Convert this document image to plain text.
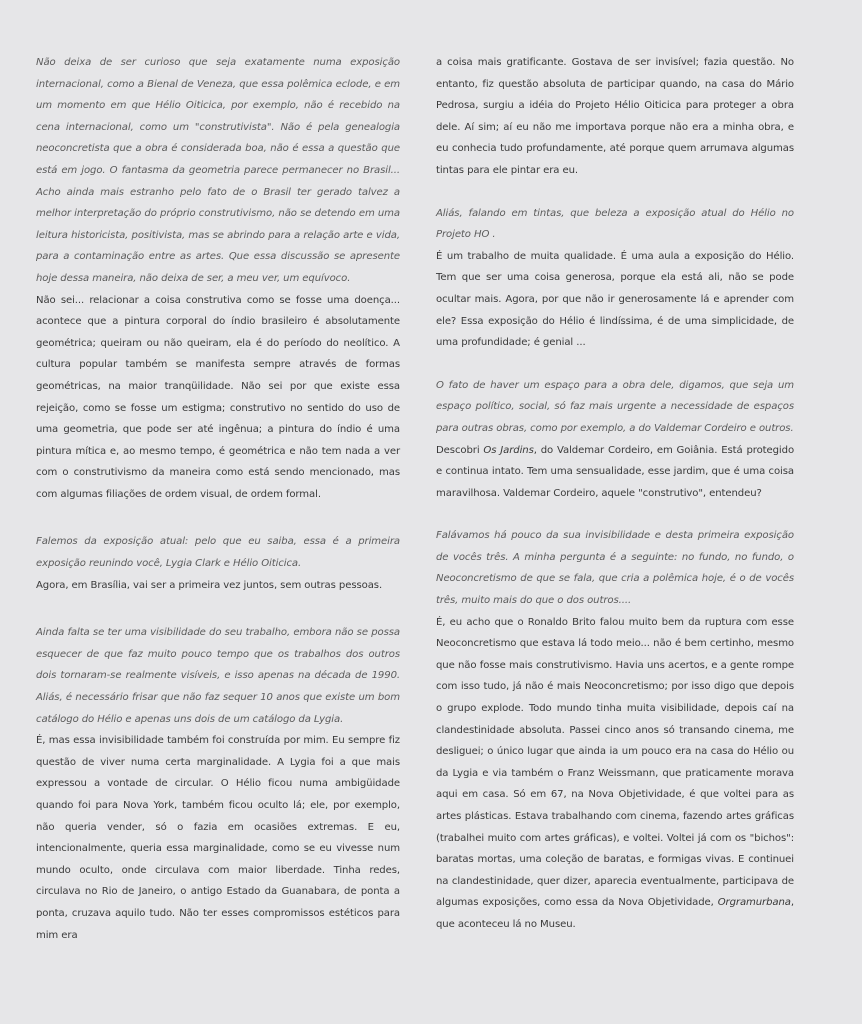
Não deixa de ser curioso que seja exatamente numa exposição internacional, como a Bienal de Veneza, que essa polêmica eclode, e em um momento em que Hélio Oiticica, por exemplo, não é recebido na cena internacional, como um "construtivista". Não é pela genealogia neoconcretista que a obra é considerada boa, não é essa a questão que está em jogo. O fantasma da geometria parece permanecer no Brasil... Acho ainda mais estranho pelo fato de o Brasil ter gerado talvez a melhor interpretação do próprio construtivismo, não se detendo em uma leitura historicista, positivista, mas se abrindo para a relação arte e vida, para a contaminação entre as artes. Que essa discussão se apresente hoje dessa maneira, não deixa de ser, a meu ver, um equívoco.

Não sei... relacionar a coisa construtiva como se fosse uma doença... acontece que a pintura corporal do índio brasileiro é absolutamente geométrica; queiram ou não queiram, ela é do período do neolítico. A cultura popular também se manifesta sempre através de formas geométricas, na maior tranqüilidade. Não sei por que existe essa rejeição, como se fosse um estigma; construtivo no sentido do uso de uma geometria, que pode ser até ingênua; a pintura do índio é uma pintura mítica e, ao mesmo tempo, é geométrica e não tem nada a ver com o construtivismo da maneira como está sendo mencionado, mas com algumas filiações de ordem visual, de ordem formal.

Falemos da exposição atual: pelo que eu saiba, essa é a primeira exposição reunindo você, Lygia Clark e Hélio Oiticica.

Agora, em Brasília, vai ser a primeira vez juntos, sem outras pessoas.

Ainda falta se ter uma visibilidade do seu trabalho, embora não se possa esquecer de que faz muito pouco tempo que os trabalhos dos outros dois tornaram-se realmente visíveis, e isso apenas na década de 1990. Aliás, é necessário frisar que não faz sequer 10 anos que existe um bom catálogo do Hélio e apenas uns dois de um catálogo da Lygia.

É, mas essa invisibilidade também foi construída por mim. Eu sempre fiz questão de viver numa certa marginalidade. A Lygia foi a que mais expressou a vontade de circular. O Hélio ficou numa ambigüidade quando foi para Nova York, também ficou oculto lá; ele, por exemplo, não queria vender, só o fazia em ocasiões extremas. E eu, intencionalmente, queria essa marginalidade, como se eu vivesse num mundo oculto, onde circulava com maior liberdade. Tinha redes, circulava no Rio de Janeiro, o antigo Estado da Guanabara, de ponta a ponta, cruzava aquilo tudo. Não ter esses compromissos estéticos para mim era

a coisa mais gratificante. Gostava de ser invisível; fazia questão. No entanto, fiz questão absoluta de participar quando, na casa do Mário Pedrosa, surgiu a idéia do Projeto Hélio Oiticica para proteger a obra dele. Aí sim; aí eu não me importava porque não era a minha obra, e eu conhecia tudo profundamente, até porque quem arrumava algumas tintas para ele pintar era eu.

Aliás, falando em tintas, que beleza a exposição atual do Hélio no Projeto HO .

É um trabalho de muita qualidade. É uma aula a exposição do Hélio. Tem que ser uma coisa generosa, porque ela está ali, não se pode ocultar mais. Agora, por que não ir generosamente lá e aprender com ele? Essa exposição do Hélio é lindíssima, é de uma simplicidade, de uma profundidade; é genial ...

O fato de haver um espaço para a obra dele, digamos, que seja um espaço político, social, só faz mais urgente a necessidade de espaços para outras obras, como por exemplo, a do Valdemar Cordeiro e outros.

Descobri Os Jardins, do Valdemar Cordeiro, em Goiânia. Está protegido e continua intato. Tem uma sensualidade, esse jardim, que é uma coisa maravilhosa. Valdemar Cordeiro, aquele "construtivo", entendeu?

Falávamos há pouco da sua invisibilidade e desta primeira exposição de vocês três. A minha pergunta é a seguinte: no fundo, no fundo, o Neoconcretismo de que se fala, que cria a polêmica hoje, é o de vocês três, muito mais do que o dos outros....

É, eu acho que o Ronaldo Brito falou muito bem da ruptura com esse Neoconcretismo que estava lá todo meio... não é bem certinho, mesmo que não fosse mais construtivismo. Havia uns acertos, e a gente rompe com isso tudo, já não é mais Neoconcretismo; por isso digo que depois o grupo explode. Todo mundo tinha muita visibilidade, depois caí na clandestinidade absoluta. Passei cinco anos só transando cinema, me desliguei; o único lugar que ainda ia um pouco era na casa do Hélio ou da Lygia e via também o Franz Weissmann, que praticamente morava aqui em casa. Só em 67, na Nova Objetividade, é que voltei para as artes plásticas. Estava trabalhando com cinema, fazendo artes gráficas (trabalhei muito com artes gráficas), e voltei. Voltei já com os "bichos": baratas mortas, uma coleção de baratas, e formigas vivas. E continuei na clandestinidade, quer dizer, aparecia eventualmente, participava de algumas exposições, como essa da Nova Objetividade, Orgramurbana, que aconteceu lá no Museu.
